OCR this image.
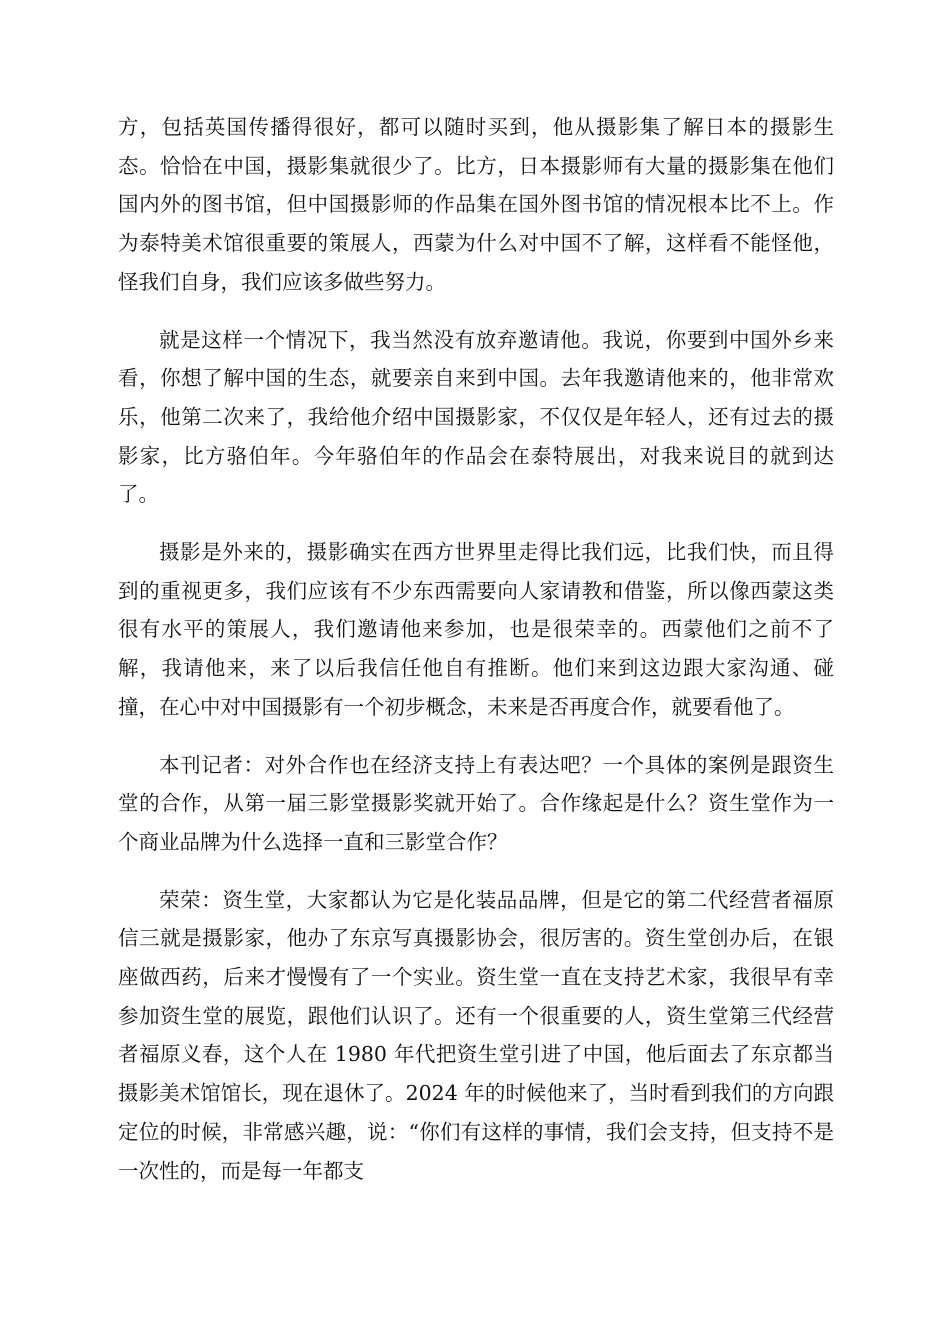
方，包括英国传播得很好，都可以随时买到，他从摄影集了解日本的摄影生态。恰恰在中国，摄影集就很少了。比方，日本摄影师有大量的摄影集在他们国内外的图书馆，但中国摄影师的作品集在国外图书馆的情况根本比不上。作为泰特美术馆很重要的策展人，西蒙为什么对中国不了解，这样看不能怪他，怪我们自身，我们应该多做些努力。

就是这样一个情况下，我当然没有放弃邀请他。我说，你要到中国外乡来看，你想了解中国的生态，就要亲自来到中国。去年我邀请他来的，他非常欢乐，他第二次来了，我给他介绍中国摄影家，不仅仅是年轻人，还有过去的摄影家，比方骆伯年。今年骆伯年的作品会在泰特展出，对我来说目的就到达了。

摄影是外来的，摄影确实在西方世界里走得比我们远，比我们快，而且得到的重视更多，我们应该有不少东西需要向人家请教和借鉴，所以像西蒙这类很有水平的策展人，我们邀请他来参加，也是很荣幸的。西蒙他们之前不了解，我请他来，来了以后我信任他自有推断。他们来到这边跟大家沟通、碰撞，在心中对中国摄影有一个初步概念，未来是否再度合作，就要看他了。

本刊记者：对外合作也在经济支持上有表达吧？一个具体的案例是跟资生堂的合作，从第一届三影堂摄影奖就开始了。合作缘起是什么？资生堂作为一个商业品牌为什么选择一直和三影堂合作？

荣荣：资生堂，大家都认为它是化装品品牌，但是它的第二代经营者福原信三就是摄影家，他办了东京写真摄影协会，很厉害的。资生堂创办后，在银座做西药，后来才慢慢有了一个实业。资生堂一直在支持艺术家，我很早有幸参加资生堂的展览，跟他们认识了。还有一个很重要的人，资生堂第三代经营者福原义春，这个人在 1980 年代把资生堂引进了中国，他后面去了东京都当摄影美术馆馆长，现在退休了。2024 年的时候他来了，当时看到我们的方向跟定位的时候，非常感兴趣，说：“你们有这样的事情，我们会支持，但支持不是一次性的，而是每一年都支
